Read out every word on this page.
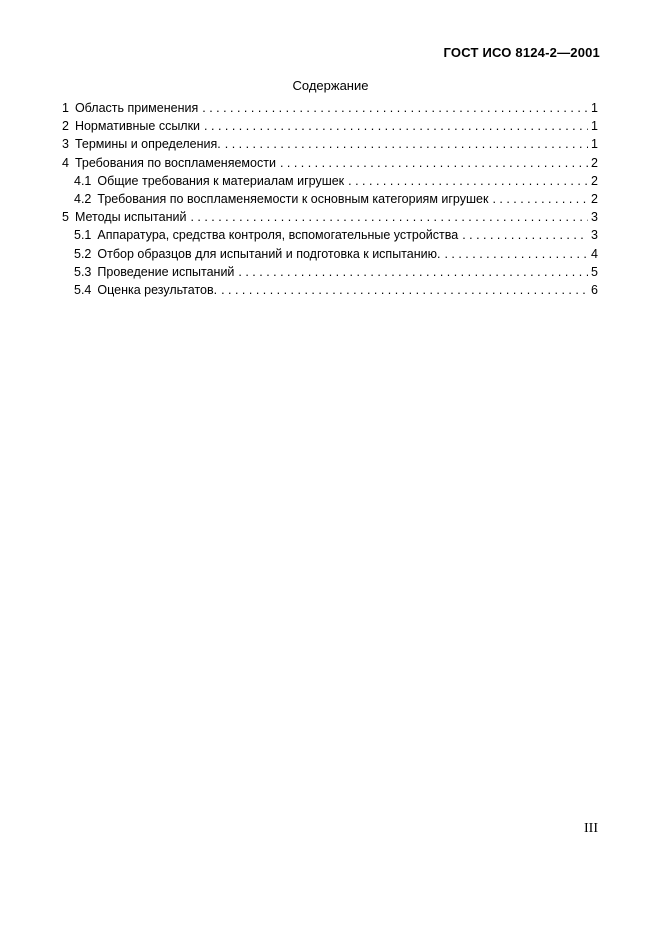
ГОСТ ИСО 8124-2—2001
Содержание
1 Область применения . . .	1
2 Нормативные ссылки . . .	1
3 Термины и определения. . . .	1
4 Требования по воспламеняемости . . .	2
4.1 Общие требования к материалам игрушек . . .	2
4.2 Требования по воспламеняемости к основным категориям игрушек . . .	2
5 Методы испытаний . . .	3
5.1 Аппаратура, средства контроля, вспомогательные устройства . . .	3
5.2 Отбор образцов для испытаний и подготовка к испытанию. . . .	4
5.3 Проведение испытаний . . .	5
5.4 Оценка результатов. . . .	6
III
